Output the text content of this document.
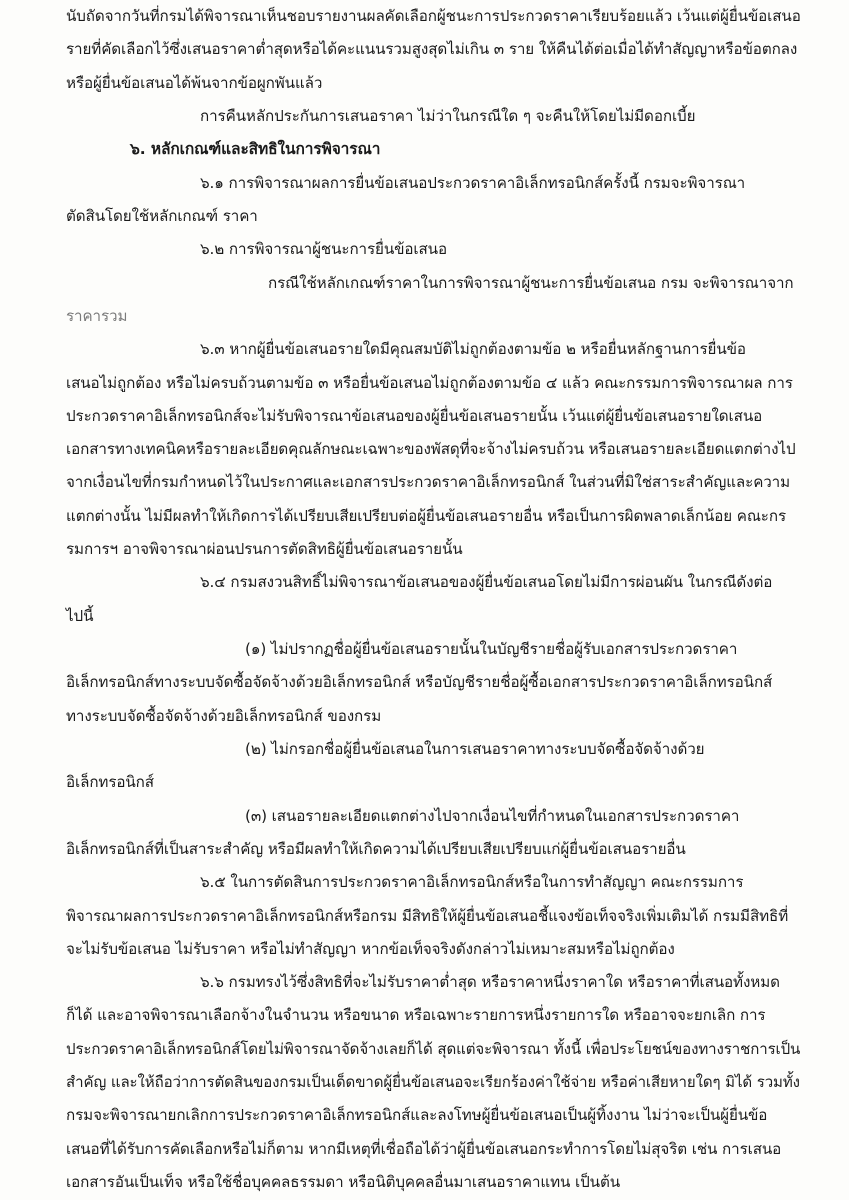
นับถัดจากวันที่กรมได้พิจารณาเห็นชอบรายงานผลคัดเลือกผู้ชนะการประกวดราคาเรียบร้อยแล้ว เว้นแต่ผู้ยื่นข้อเสนอ
รายที่คัดเลือกไว้ซึ่งเสนอราคาต่ำสุดหรือได้คะแนนรวมสูงสุดไม่เกิน ๓ ราย ให้คืนได้ต่อเมื่อได้ทำสัญญาหรือข้อตกลง
หรือผู้ยื่นข้อเสนอได้พ้นจากข้อผูกพันแล้ว
การคืนหลักประกันการเสนอราคา ไม่ว่าในกรณีใด ๆ จะคืนให้โดยไม่มีดอกเบี้ย
๖. หลักเกณฑ์และสิทธิในการพิจารณา
๖.๑ การพิจารณาผลการยื่นข้อเสนอประกวดราคาอิเล็กทรอนิกส์ครั้งนี้ กรมจะพิจารณา
ตัดสินโดยใช้หลักเกณฑ์ ราคา
๖.๒ การพิจารณาผู้ชนะการยื่นข้อเสนอ
กรณีใช้หลักเกณฑ์ราคาในการพิจารณาผู้ชนะการยื่นข้อเสนอ กรม จะพิจารณาจาก
ราคารวม
๖.๓ หากผู้ยื่นข้อเสนอรายใดมีคุณสมบัติไม่ถูกต้องตามข้อ ๒ หรือยื่นหลักฐานการยื่นข้อ
เสนอไม่ถูกต้อง หรือไม่ครบถ้วนตามข้อ ๓ หรือยื่นข้อเสนอไม่ถูกต้องตามข้อ ๔ แล้ว คณะกรรมการพิจารณาผล การ
ประกวดราคาอิเล็กทรอนิกส์จะไม่รับพิจารณาข้อเสนอของผู้ยื่นข้อเสนอรายนั้น เว้นแต่ผู้ยื่นข้อเสนอรายใดเสนอ
เอกสารทางเทคนิคหรือรายละเอียดคุณลักษณะเฉพาะของพัสดุที่จะจ้างไม่ครบถ้วน หรือเสนอรายละเอียดแตกต่างไป
จากเงื่อนไขที่กรมกำหนดไว้ในประกาศและเอกสารประกวดราคาอิเล็กทรอนิกส์ ในส่วนที่มิใช่สาระสำคัญและความ
แตกต่างนั้น ไม่มีผลทำให้เกิดการได้เปรียบเสียเปรียบต่อผู้ยื่นข้อเสนอรายอื่น หรือเป็นการผิดพลาดเล็กน้อย คณะกร
รมการฯ อาจพิจารณาผ่อนปรนการตัดสิทธิผู้ยื่นข้อเสนอรายนั้น
๖.๔ กรมสงวนสิทธิ์ไม่พิจารณาข้อเสนอของผู้ยื่นข้อเสนอโดยไม่มีการผ่อนผัน ในกรณีดังต่อ
ไปนี้
(๑) ไม่ปรากฏชื่อผู้ยื่นข้อเสนอรายนั้นในบัญชีรายชื่อผู้รับเอกสารประกวดราคา
อิเล็กทรอนิกส์ทางระบบจัดซื้อจัดจ้างด้วยอิเล็กทรอนิกส์ หรือบัญชีรายชื่อผู้ซื้อเอกสารประกวดราคาอิเล็กทรอนิกส์
ทางระบบจัดซื้อจัดจ้างด้วยอิเล็กทรอนิกส์ ของกรม
(๒) ไม่กรอกชื่อผู้ยื่นข้อเสนอในการเสนอราคาทางระบบจัดซื้อจัดจ้างด้วย
อิเล็กทรอนิกส์
(๓) เสนอรายละเอียดแตกต่างไปจากเงื่อนไขที่กำหนดในเอกสารประกวดราคา
อิเล็กทรอนิกส์ที่เป็นสาระสำคัญ หรือมีผลทำให้เกิดความได้เปรียบเสียเปรียบแก่ผู้ยื่นข้อเสนอรายอื่น
๖.๕ ในการตัดสินการประกวดราคาอิเล็กทรอนิกส์หรือในการทำสัญญา คณะกรรมการ
พิจารณาผลการประกวดราคาอิเล็กทรอนิกส์หรือกรม มีสิทธิให้ผู้ยื่นข้อเสนอชี้แจงข้อเท็จจริงเพิ่มเติมได้ กรมมีสิทธิที่
จะไม่รับข้อเสนอ ไม่รับราคา หรือไม่ทำสัญญา หากข้อเท็จจริงดังกล่าวไม่เหมาะสมหรือไม่ถูกต้อง
๖.๖ กรมทรงไว้ซึ่งสิทธิที่จะไม่รับราคาต่ำสุด หรือราคาหนึ่งราคาใด หรือราคาที่เสนอทั้งหมด
ก็ได้ และอาจพิจารณาเลือกจ้างในจำนวน หรือขนาด หรือเฉพาะรายการหนึ่งรายการใด หรืออาจจะยกเลิก การ
ประกวดราคาอิเล็กทรอนิกส์โดยไม่พิจารณาจัดจ้างเลยก็ได้ สุดแต่จะพิจารณา ทั้งนี้ เพื่อประโยชน์ของทางราชการเป็น
สำคัญ และให้ถือว่าการตัดสินของกรมเป็นเด็ดขาดผู้ยื่นข้อเสนอจะเรียกร้องค่าใช้จ่าย หรือค่าเสียหายใดๆ มิได้ รวมทั้ง
กรมจะพิจารณายกเลิกการประกวดราคาอิเล็กทรอนิกส์และลงโทษผู้ยื่นข้อเสนอเป็นผู้ทิ้งงาน ไม่ว่าจะเป็นผู้ยื่นข้อ
เสนอที่ได้รับการคัดเลือกหรือไม่ก็ตาม หากมีเหตุที่เชื่อถือได้ว่าผู้ยื่นข้อเสนอกระทำการโดยไม่สุจริต เช่น การเสนอ
เอกสารอันเป็นเท็จ หรือใช้ชื่อบุคคลธรรมดา หรือนิติบุคคลอื่นมาเสนอราคาแทน เป็นต้น
